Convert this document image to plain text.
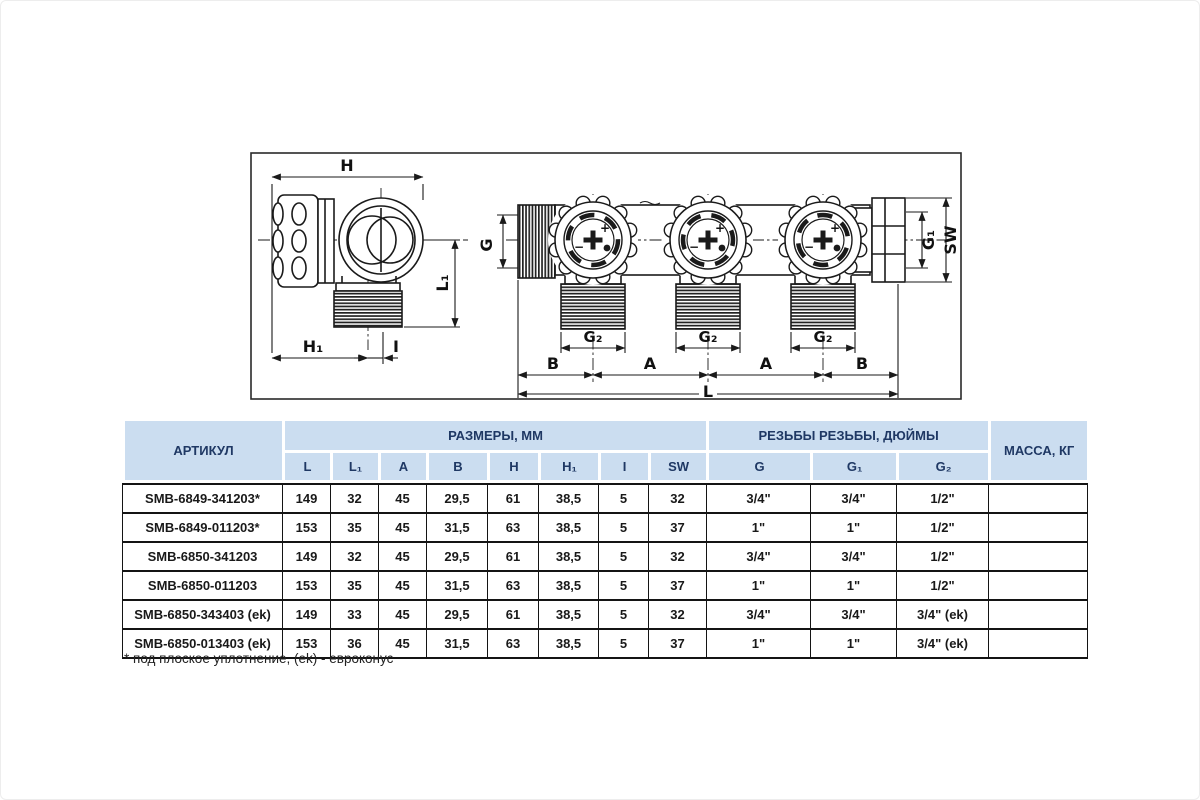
H
H₁	I
L₁
+
−
+
−
+
−
G	G₁ SW
G₂	G₂	G₂
B	A	A	B
L
АРТИКУЛ	РАЗМЕРЫ, ММ								РЕЗЬБЫ РЕЗЬБЫ, ДЮЙМЫ			МАССА, КГ
	L	L₁	A	B	H	H₁	I	SW	G	G₁	G₂	
SMB-6849-341203*	149	32	45	29,5	61	38,5	5	32	3/4"	3/4"	1/2"	
SMB-6849-011203*	153	35	45	31,5	63	38,5	5	37	1"	1"	1/2"	
SMB-6850-341203	149	32	45	29,5	61	38,5	5	32	3/4"	3/4"	1/2"	
SMB-6850-011203	153	35	45	31,5	63	38,5	5	37	1"	1"	1/2"	
SMB-6850-343403 (ek)	149	33	45	29,5	61	38,5	5	32	3/4"	3/4"	3/4" (ek)	
SMB-6850-013403 (ek)	153	36	45	31,5	63	38,5	5	37	1"	1"	3/4" (ek)	
* под плоское уплотнение, (ek) - евроконус
